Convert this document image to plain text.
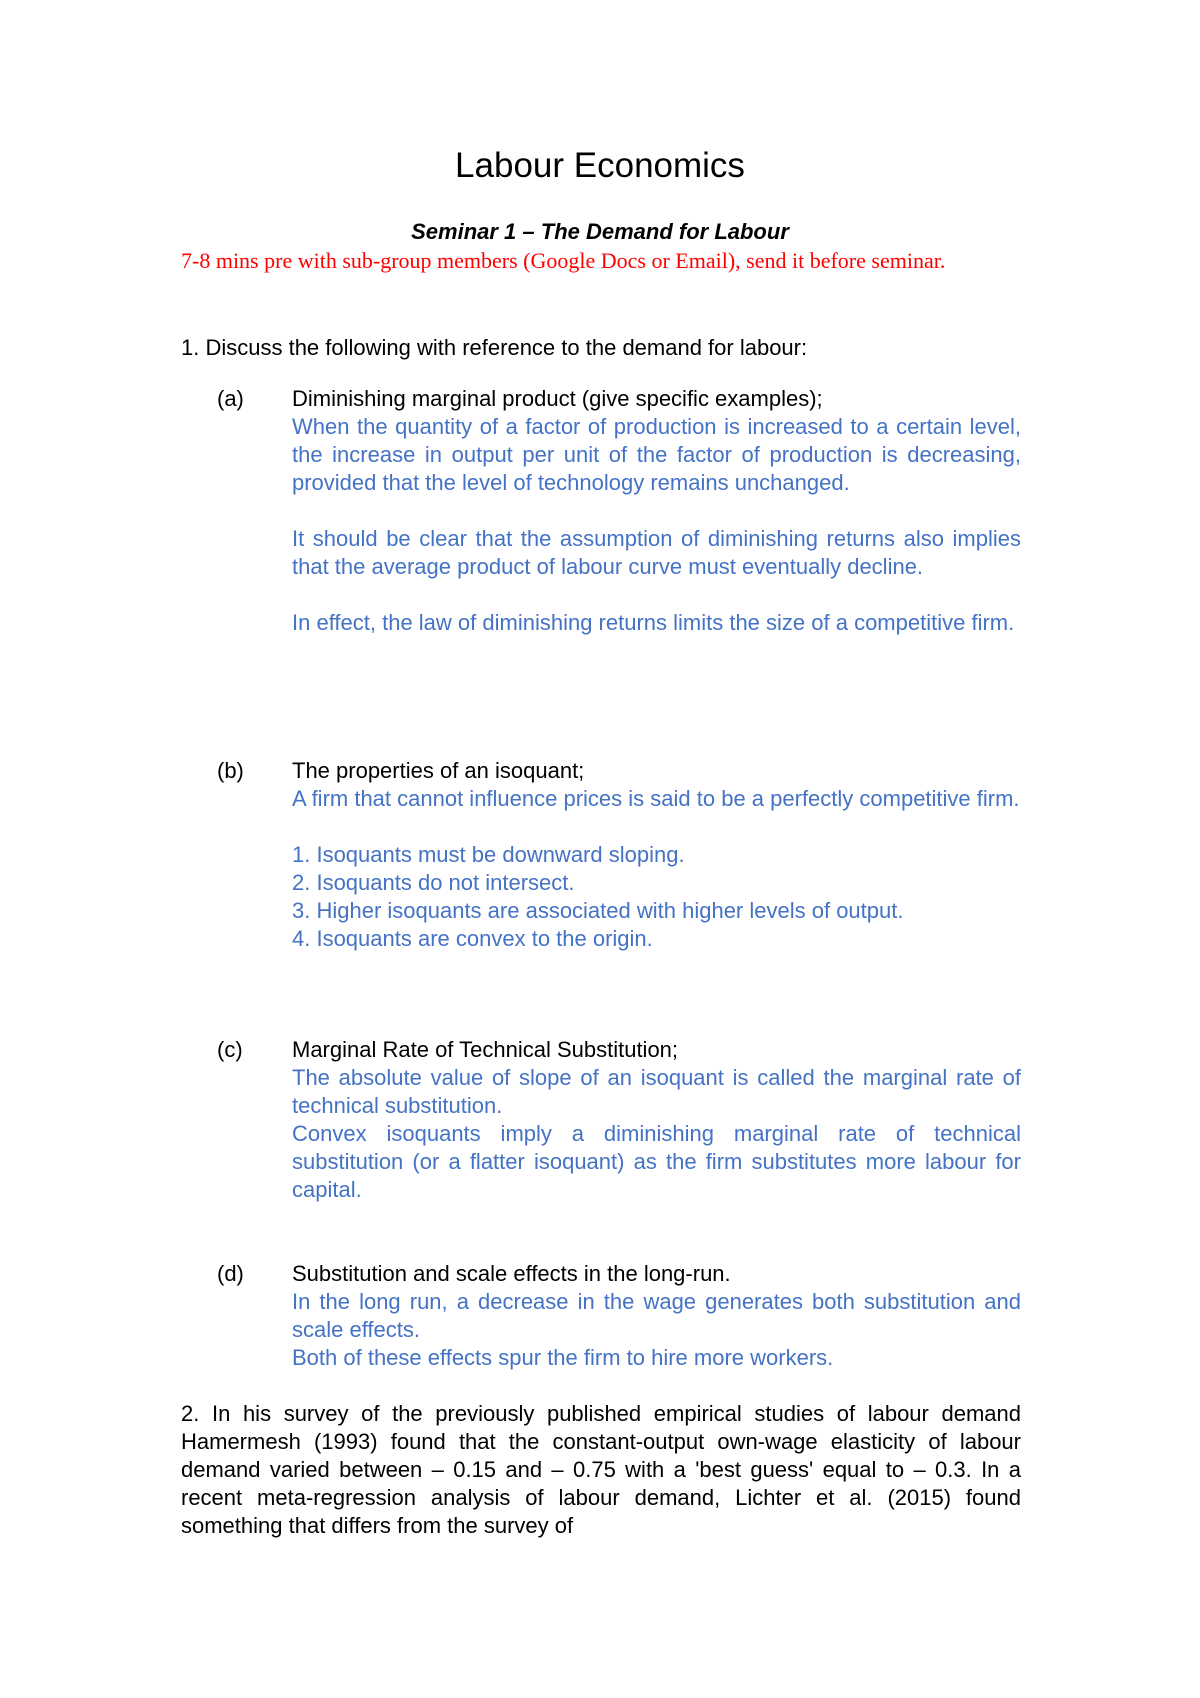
Labour Economics
Seminar 1 – The Demand for Labour

7-8 mins pre with sub-group members (Google Docs or Email), send it before seminar.

1. Discuss the following with reference to the demand for labour:

(a)	Diminishing marginal product (give specific examples);

When the quantity of a factor of production is increased to a certain level, the increase in output per unit of the factor of production is decreasing, provided that the level of technology remains unchanged.

It should be clear that the assumption of diminishing returns also implies that the average product of labour curve must eventually decline.

In effect, the law of diminishing returns limits the size of a competitive firm.

(b)	The properties of an isoquant;

A firm that cannot influence prices is said to be a perfectly competitive firm.

1. Isoquants must be downward sloping.

2. Isoquants do not intersect.

3. Higher isoquants are associated with higher levels of output.

4. Isoquants are convex to the origin.

(c)	Marginal Rate of Technical Substitution;

The absolute value of slope of an isoquant is called the marginal rate of technical substitution.

Convex isoquants imply a diminishing marginal rate of technical substitution (or a flatter isoquant) as the firm substitutes more labour for capital.

(d)	Substitution and scale effects in the long-run.

In the long run, a decrease in the wage generates both substitution and scale effects.

Both of these effects spur the firm to hire more workers.

2. In his survey of the previously published empirical studies of labour demand Hamermesh (1993) found that the constant-output own-wage elasticity of labour demand varied between – 0.15 and – 0.75 with a 'best guess' equal to – 0.3. In a recent meta-regression analysis of labour demand, Lichter et al. (2015) found something that differs from the survey of
